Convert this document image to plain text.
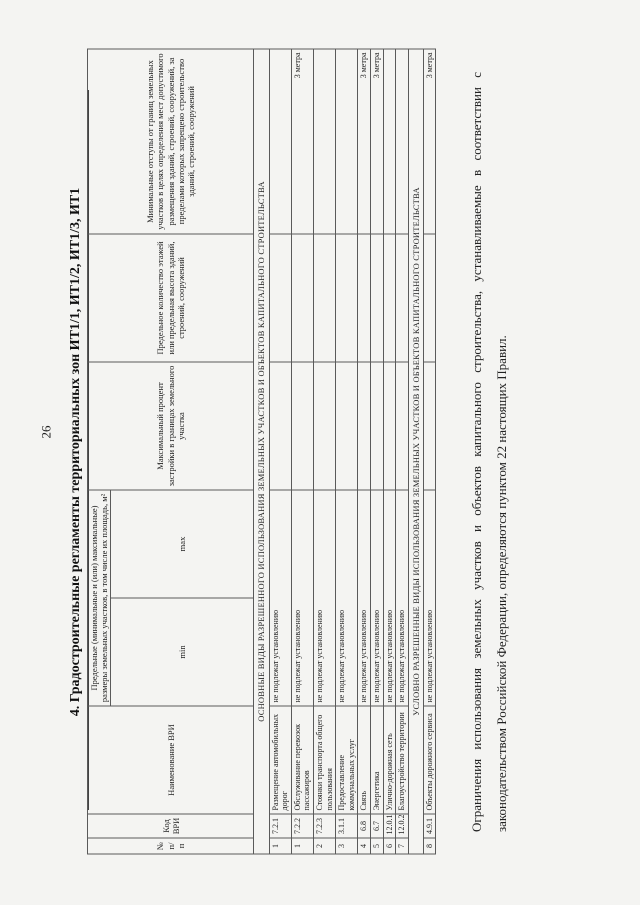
26 4. Градостроительные регламенты территориальных зон ИТ1/1, ИТ1/2, ИТ1/3, ИТ1
№ п/п	Код ВРИ	Наименование ВРИ	Предельные (минимальные и (или) максимальные) размеры земельных участков, в том числе их площадь, м²		Максимальный процент застройки в границах земельного участка	Предельное количество этажей или предельная высота зданий, строений, сооружений	Минимальные отступы от границ земельных участков в целях определения мест допустимого размещения зданий, строений, сооружений, за пределами которых запрещено строительство зданий, строений, сооружений
			min	max			
ОСНОВНЫЕ ВИДЫ РАЗРЕШЕННОГО ИСПОЛЬЗОВАНИЯ ЗЕМЕЛЬНЫХ УЧАСТКОВ И ОБЪЕКТОВ КАПИТАЛЬНОГО СТРОИТЕЛЬСТВА							
1	7.2.1	Размещение автомобильных дорог	не подлежат установлению				
1	7.2.2	Обслуживание перевозок пассажиров	не подлежат установлению				3 метра
2	7.2.3	Стоянки транспорта общего пользования	не подлежат установлению				
3	3.1.1	Предоставление коммунальных услуг	не подлежат установлению				
4	6.8	Связь	не подлежат установлению				3 метра
5	6.7	Энергетика	не подлежат установлению				3 метра
6	12.0.1	Улично-дорожная сеть	не подлежат установлению				
7	12.0.2	Благоустройство территории	не подлежат установлению				
УСЛОВНО РАЗРЕШЕННЫЕ ВИДЫ ИСПОЛЬЗОВАНИЯ ЗЕМЕЛЬНЫХ УЧАСТКОВ И ОБЪЕКТОВ КАПИТАЛЬНОГО СТРОИТЕЛЬСТВА							
8	4.9.1	Объекты дорожного сервиса	не подлежат установлению				3 метра
Ограничения использования земельных участков и объектов капитального строительства, устанавливаемые в соответствии с законодательством Российской Федерации, определяются пунктом 22 настоящих Правил.
